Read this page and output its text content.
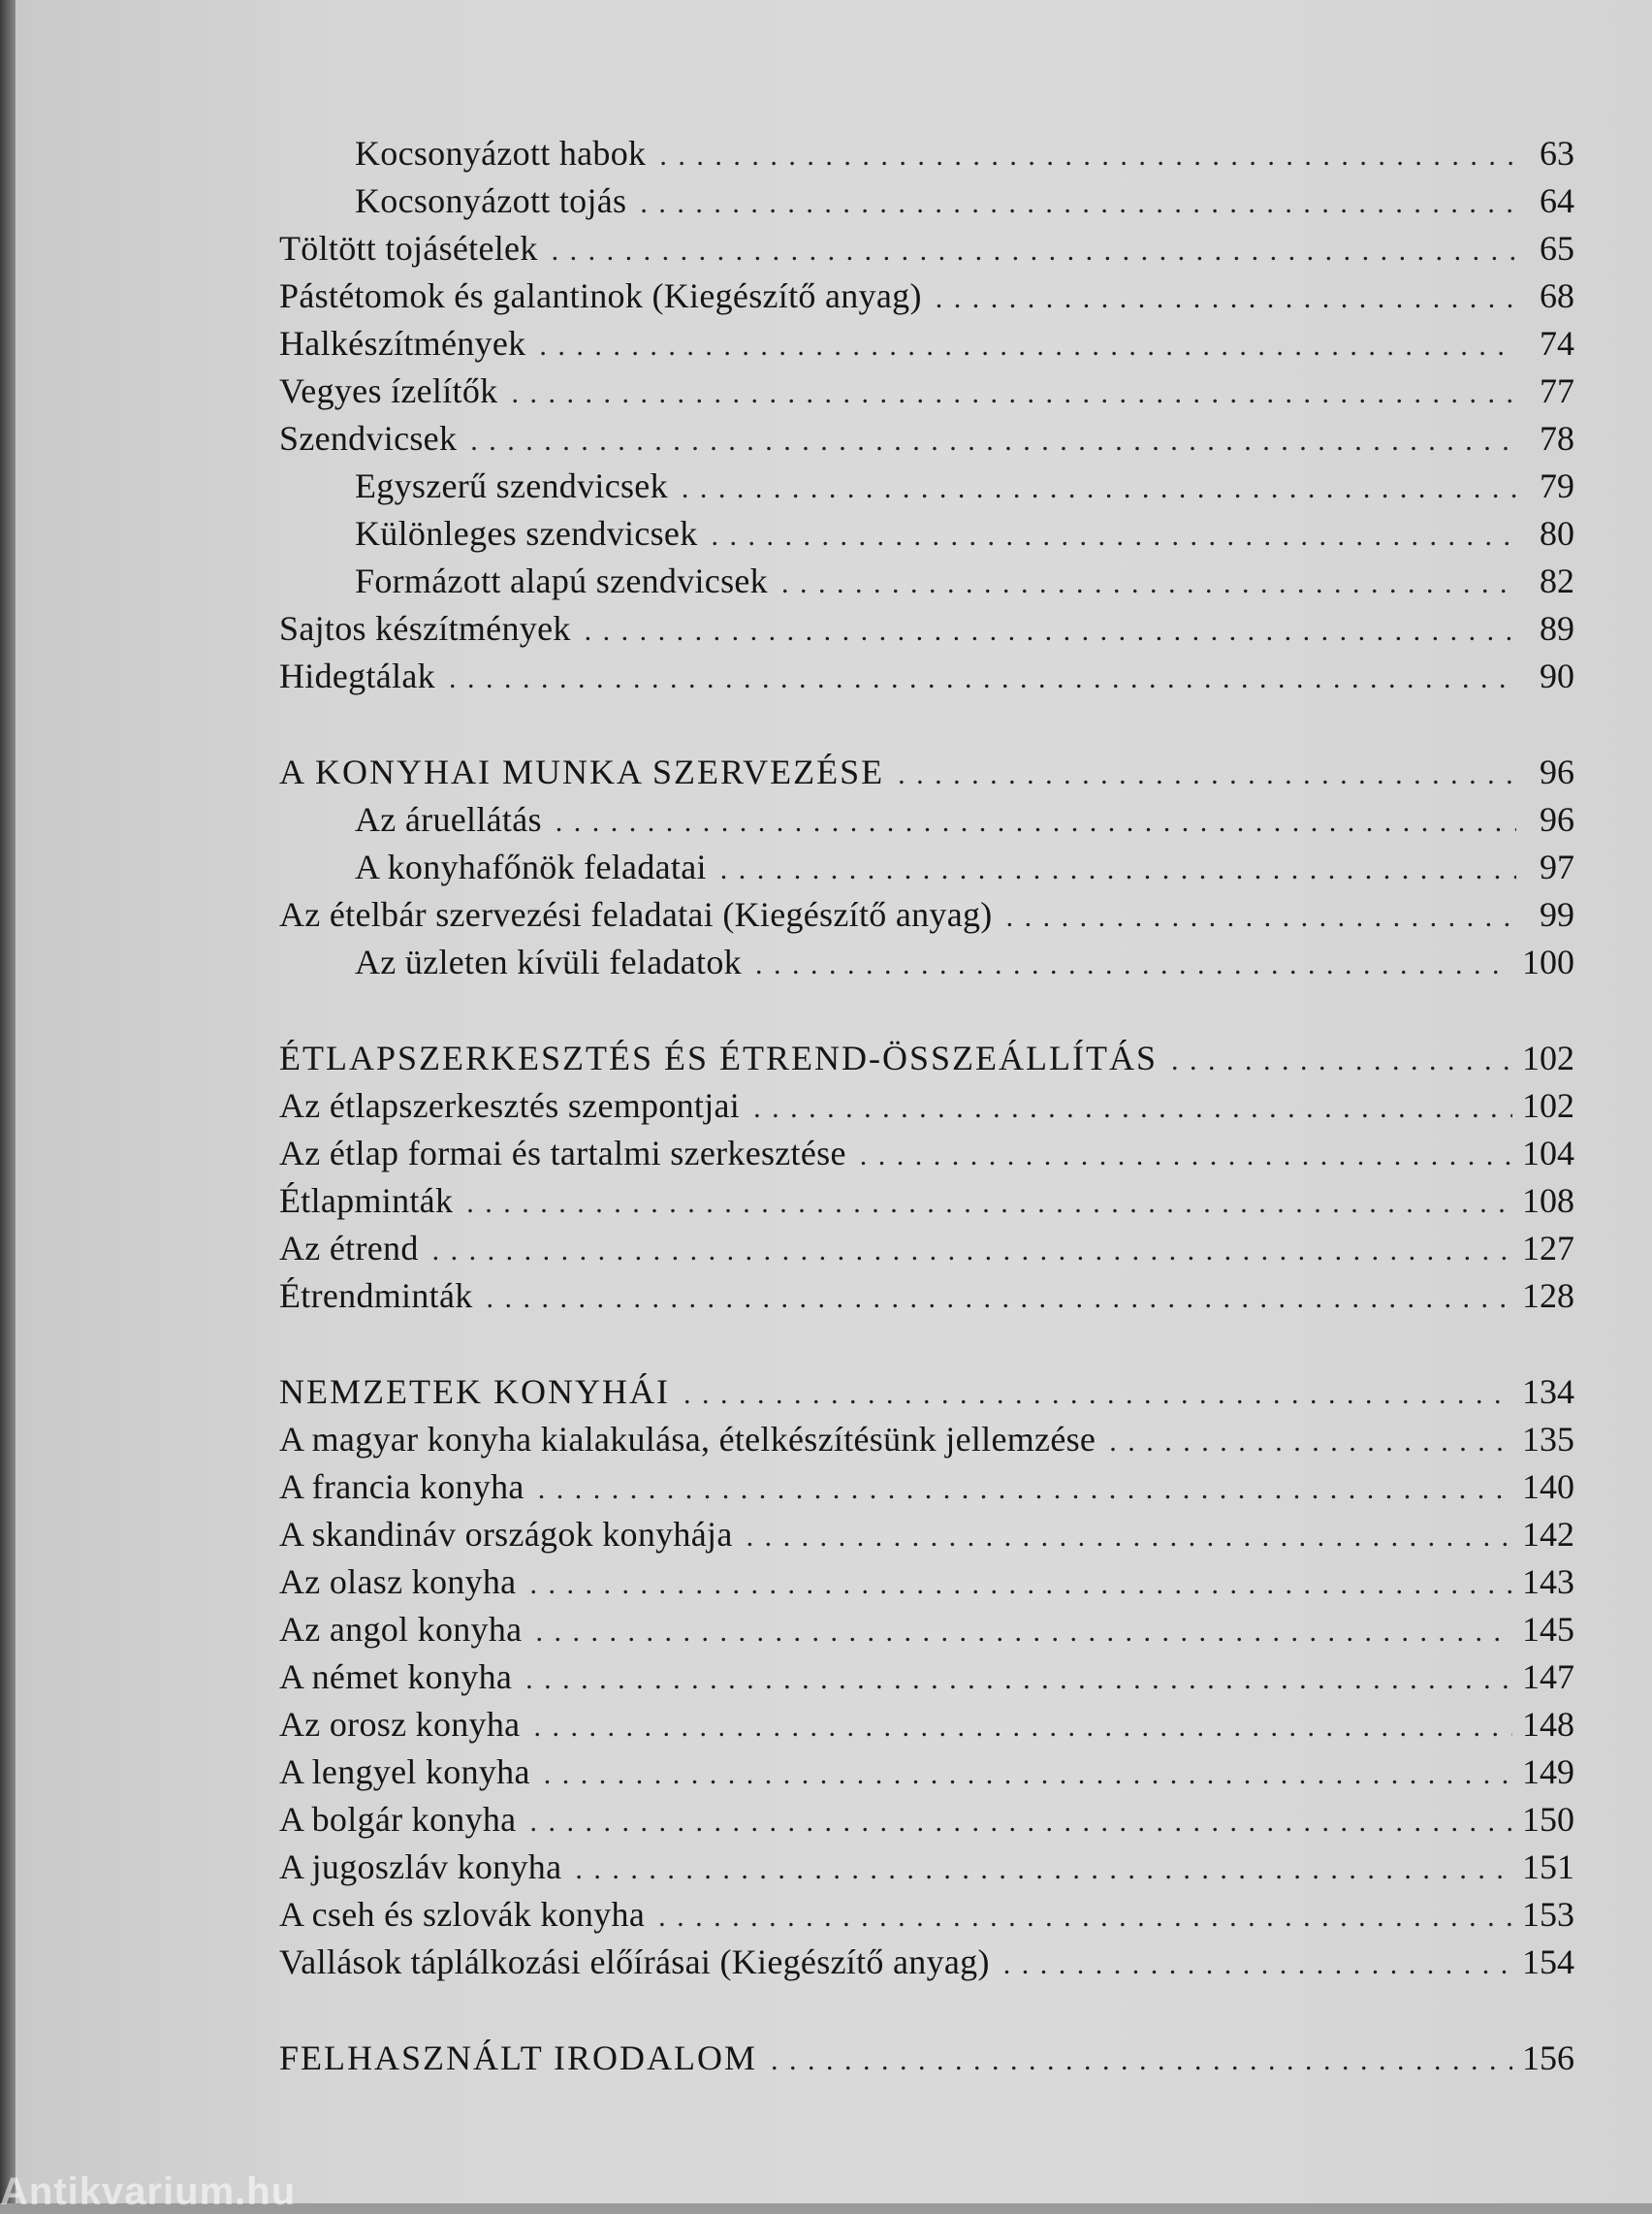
Kocsonyázott habok . . .	63
Kocsonyázott tojás . . .	64
Töltött tojásételek . . .	65
Pástétomok és galantinok (Kiegészítő anyag) . . .	68
Halkészítmények . . .	74
Vegyes ízelítők . . .	77
Szendvicsek . . .	78
Egyszerű szendvicsek . . .	79
Különleges szendvicsek . . .	80
Formázott alapú szendvicsek . . .	82
Sajtos készítmények . . .	89
Hidegtálak . . .	90
A KONYHAI MUNKA SZERVEZÉSE . . .	96
Az áruellátás . . .	96
A konyhafőnök feladatai . . .	97
Az ételbár szervezési feladatai (Kiegészítő anyag) . . .	99
Az üzleten kívüli feladatok . . .	100
ÉTLAPSZERKESZTÉS ÉS ÉTREND-ÖSSZEÁLLÍTÁS . . .	102
Az étlapszerkesztés szempontjai . . .	102
Az étlap formai és tartalmi szerkesztése . . .	104
Étlapminták . . .	108
Az étrend . . .	127
Étrendminták . . .	128
NEMZETEK KONYHÁI . . .	134
A magyar konyha kialakulása, ételkészítésünk jellemzése . . .	135
A francia konyha . . .	140
A skandináv országok konyhája . . .	142
Az olasz konyha . . .	143
Az angol konyha . . .	145
A német konyha . . .	147
Az orosz konyha . . .	148
A lengyel konyha . . .	149
A bolgár konyha . . .	150
A jugoszláv konyha . . .	151
A cseh és szlovák konyha . . .	153
Vallások táplálkozási előírásai (Kiegészítő anyag) . . .	154
FELHASZNÁLT IRODALOM . . .	156
Antikvarium.hu
